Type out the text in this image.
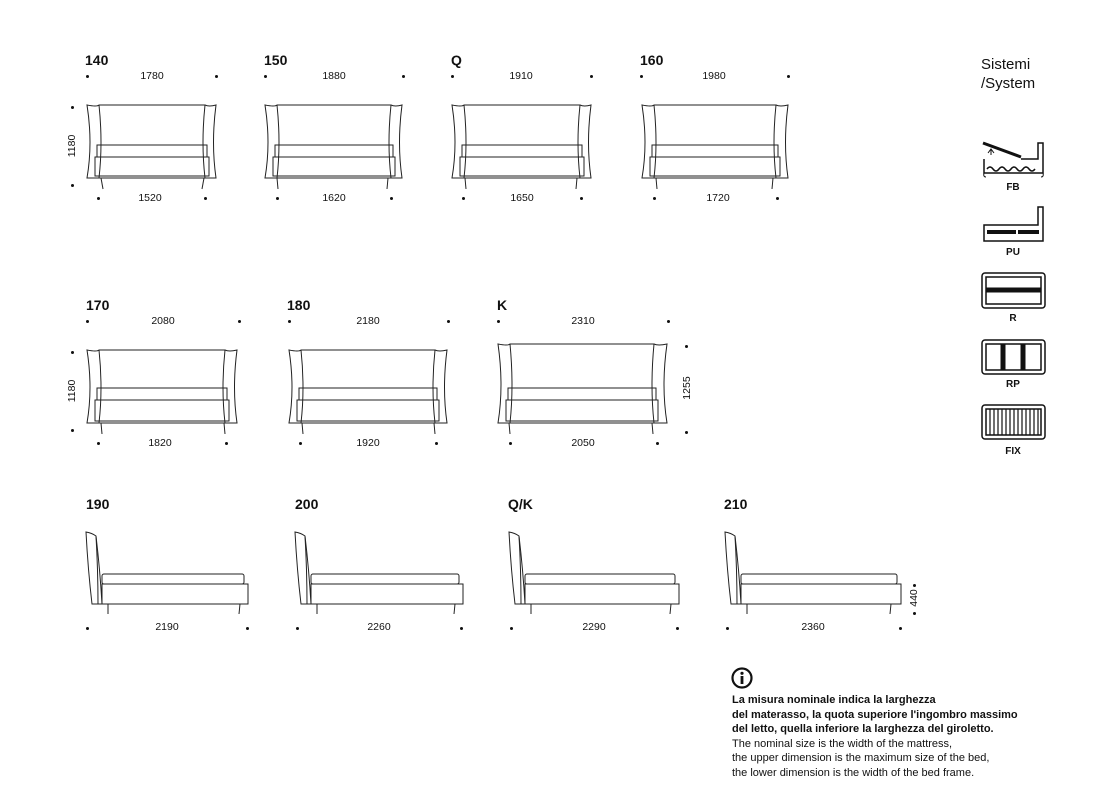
140
1780
1520
1180
150
1880
1620
Q
1910
1650
160
1980
1720
170
2080
1820
1180
180
2180
1920
K
2310
2050
1255
190
2190
200
2260
Q/K
2290
210
2360
440
Sistemi
/System
FB
PU
R
RP
FIX
La misura nominale indica la larghezza
del materasso, la quota superiore l'ingombro massimo
del letto, quella inferiore la larghezza del giroletto.
The nominal size is the width of the mattress,
the upper dimension is the maximum size of the bed,
the lower dimension is the width of the bed frame.
